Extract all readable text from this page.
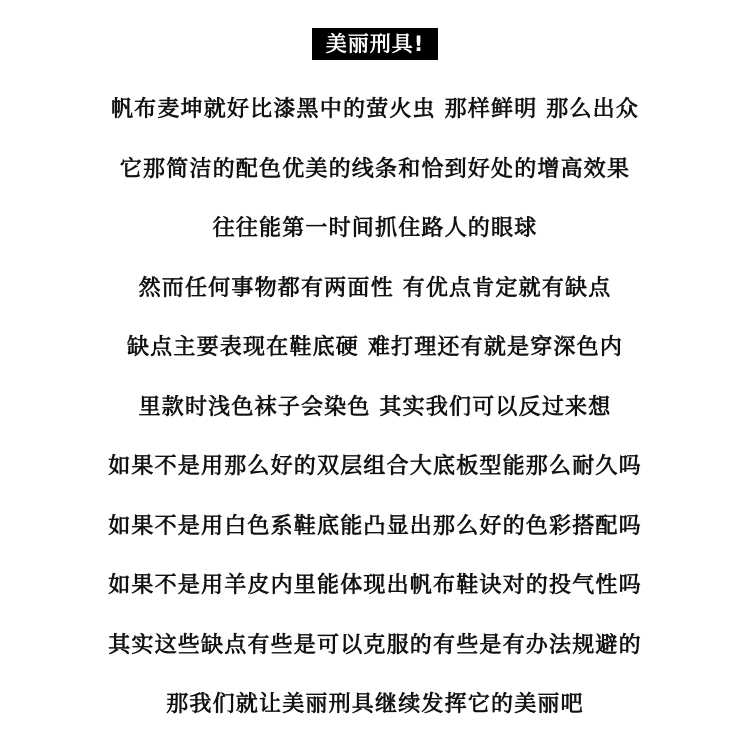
美丽刑具!
帆布麦坤就好比漆黑中的萤火虫 那样鲜明 那么出众
它那简洁的配色优美的线条和恰到好处的增高效果
往往能第一时间抓住路人的眼球
然而任何事物都有两面性 有优点肯定就有缺点
缺点主要表现在鞋底硬 难打理还有就是穿深色内
里款时浅色袜子会染色 其实我们可以反过来想
如果不是用那么好的双层组合大底板型能那么耐久吗
如果不是用白色系鞋底能凸显出那么好的色彩搭配吗
如果不是用羊皮内里能体现出帆布鞋诀对的投气性吗
其实这些缺点有些是可以克服的有些是有办法规避的
那我们就让美丽刑具继续发挥它的美丽吧
